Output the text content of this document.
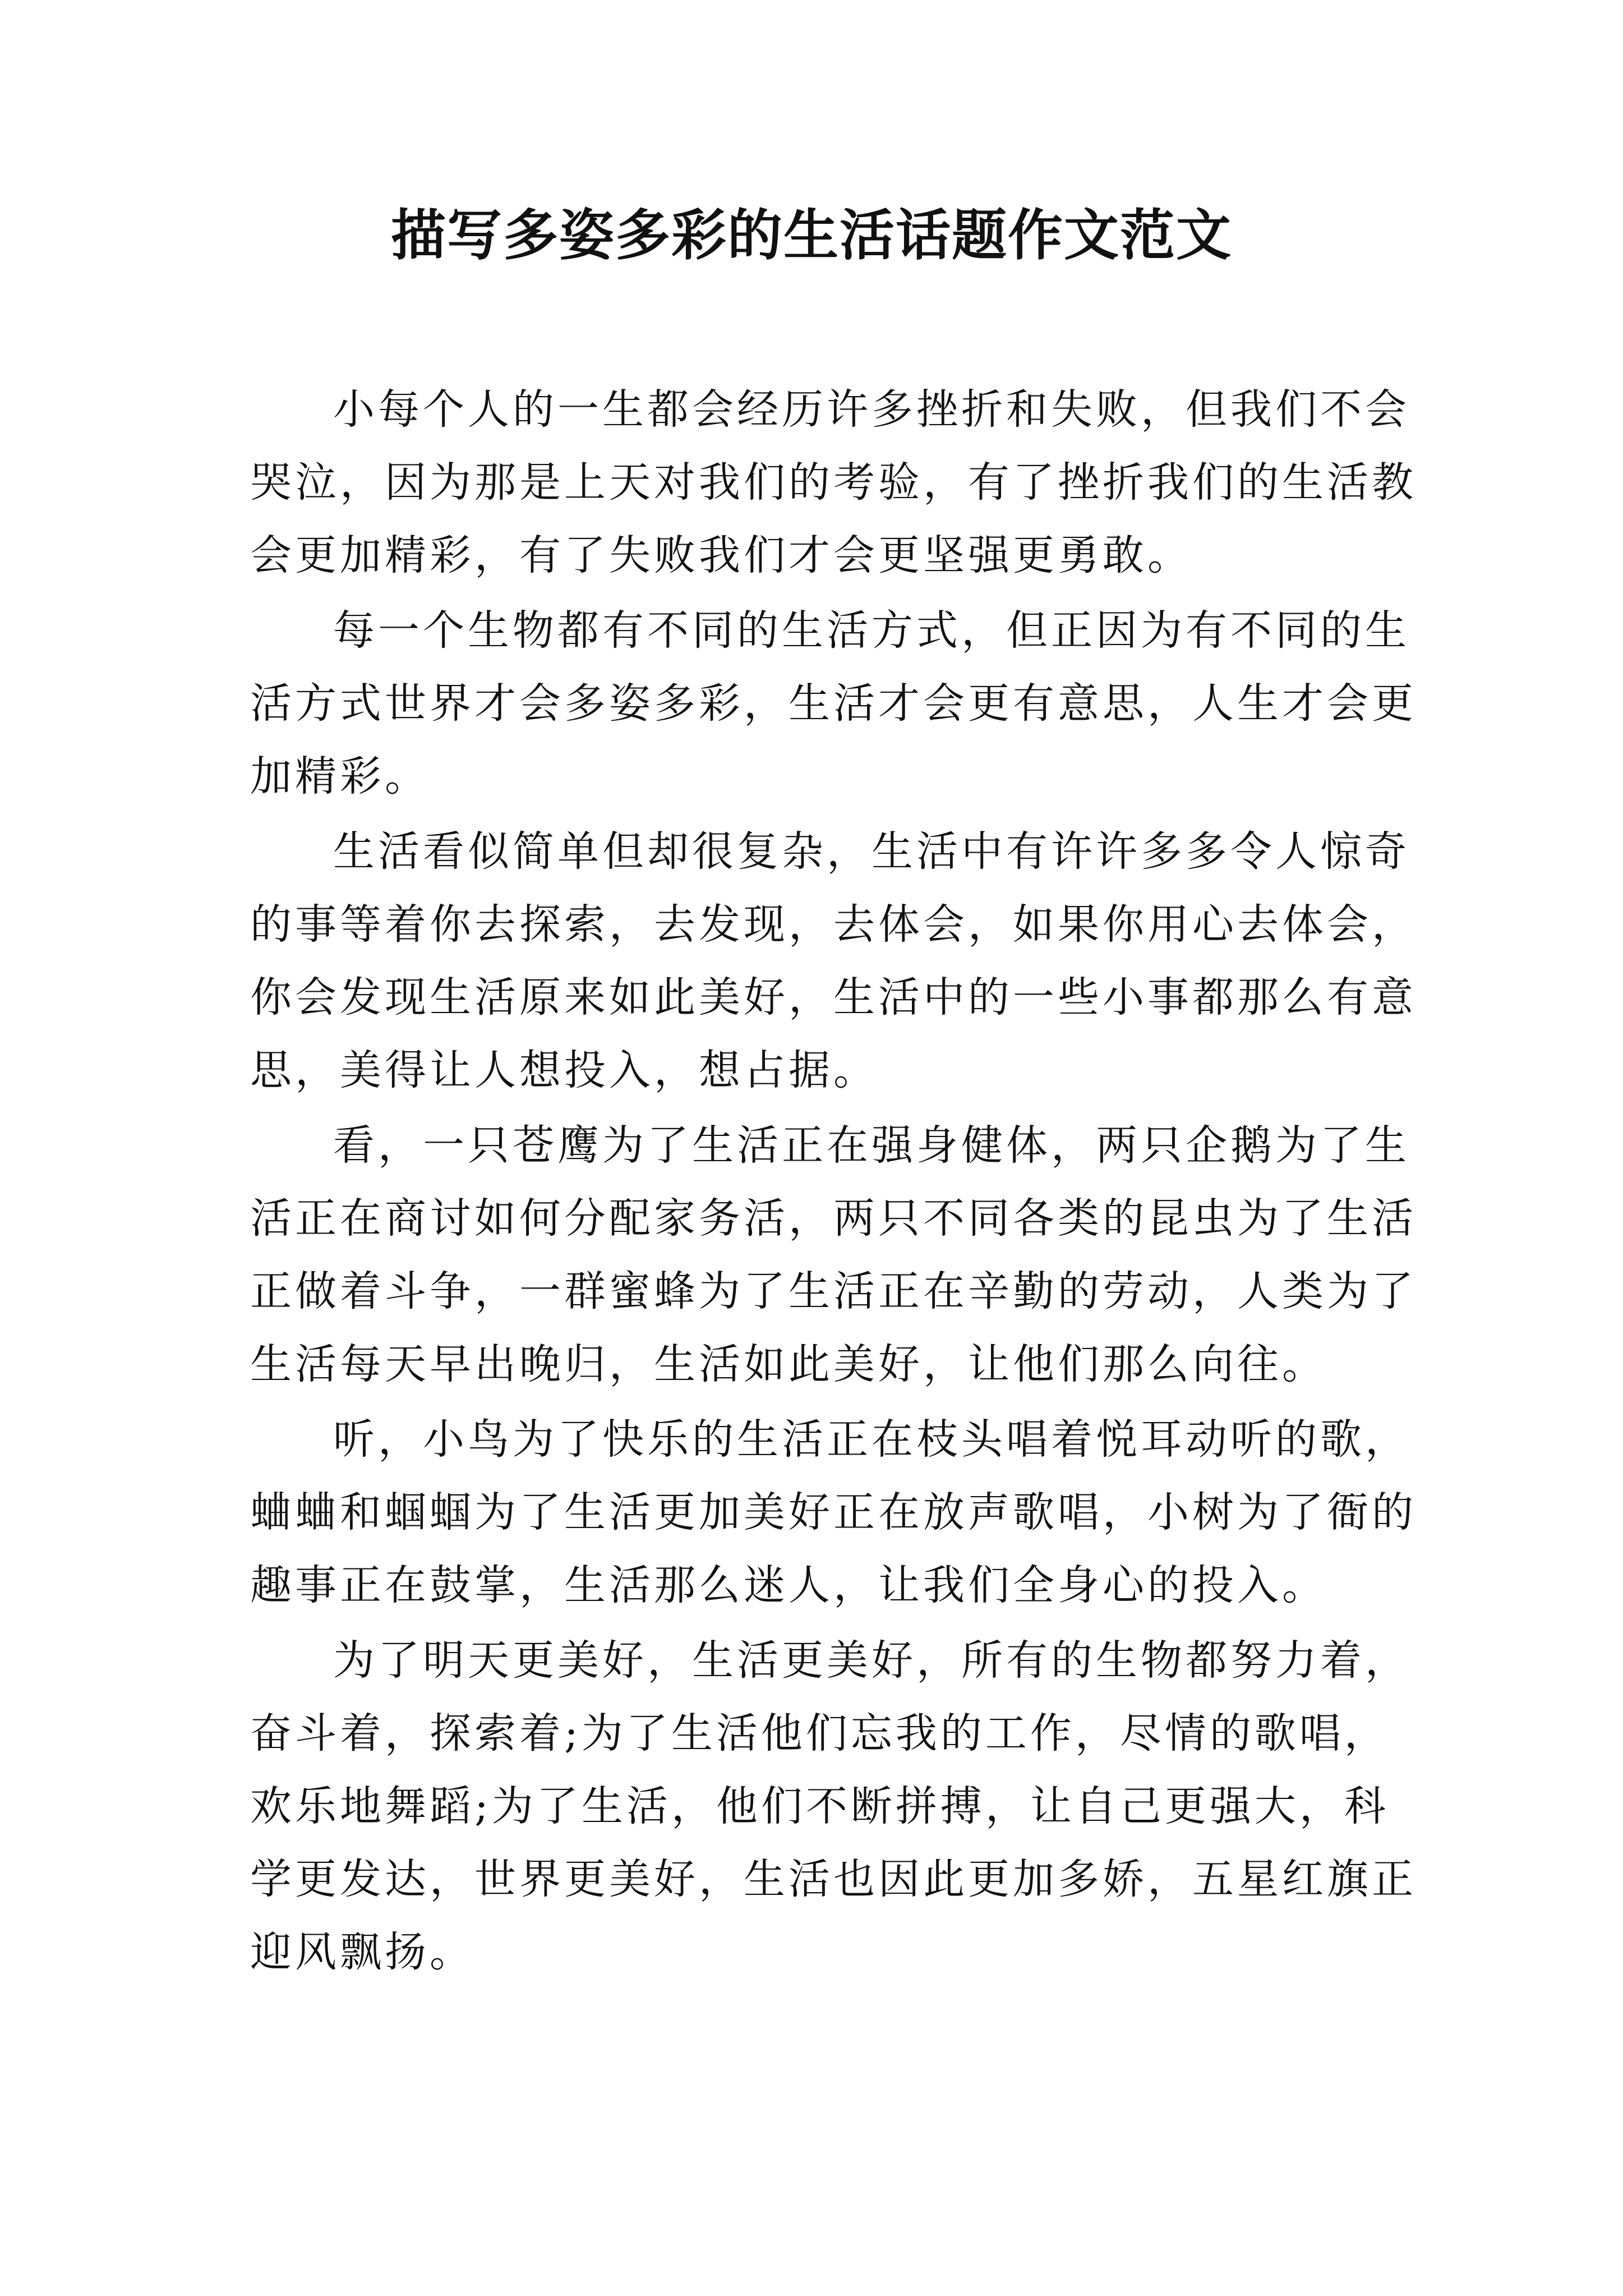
描写多姿多彩的生活话题作文范文

小每个人的一生都会经历许多挫折和失败，但我们不会
哭泣，因为那是上天对我们的考验，有了挫折我们的生活教
会更加精彩，有了失败我们才会更坚强更勇敢。

每一个生物都有不同的生活方式，但正因为有不同的生
活方式世界才会多姿多彩，生活才会更有意思，人生才会更
加精彩。

生活看似简单但却很复杂，生活中有许许多多令人惊奇
的事等着你去探索，去发现，去体会，如果你用心去体会，
你会发现生活原来如此美好，生活中的一些小事都那么有意
思，美得让人想投入，想占据。

看，一只苍鹰为了生活正在强身健体，两只企鹅为了生
活正在商讨如何分配家务活，两只不同各类的昆虫为了生活
正做着斗争，一群蜜蜂为了生活正在辛勤的劳动，人类为了
生活每天早出晚归，生活如此美好，让他们那么向往。

听，小鸟为了快乐的生活正在枝头唱着悦耳动听的歌，
蛐蛐和蝈蝈为了生活更加美好正在放声歌唱，小树为了衙的
趣事正在鼓掌，生活那么迷人，让我们全身心的投入。

为了明天更美好，生活更美好，所有的生物都努力着，
奋斗着，探索着;为了生活他们忘我的工作，尽情的歌唱，
欢乐地舞蹈;为了生活，他们不断拼搏，让自己更强大，科
学更发达，世界更美好，生活也因此更加多娇，五星红旗正
迎风飘扬。
